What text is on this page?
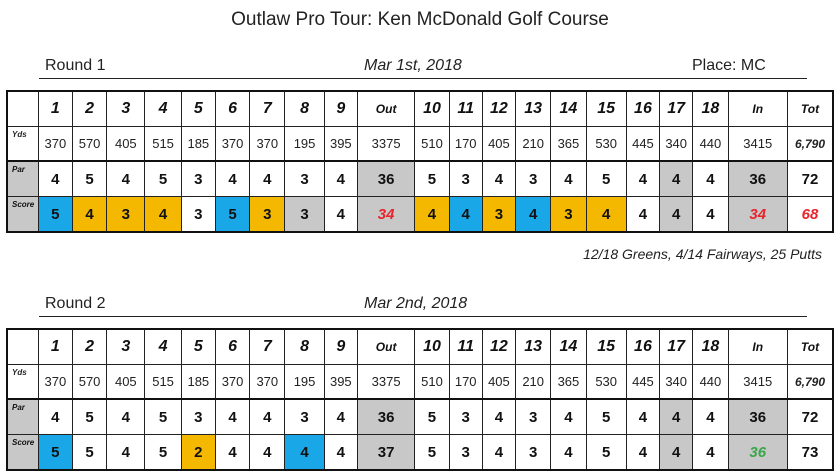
Outlaw Pro Tour: Ken McDonald Golf Course
Round 1	Mar 1st, 2018	Place: MC
	1	2	3	4	5	6	7	8	9	Out	10	11	12	13	14	15	16	17	18	In	Tot
Yds	370	570	405	515	185	370	370	195	395	3375	510	170	405	210	365	530	445	340	440	3415	6,790
Par	4	5	4	5	3	4	4	3	4	36	5	3	4	3	4	5	4	4	4	36	72
Score	5	4	3	4	3	5	3	3	4	34	4	4	3	4	3	4	4	4	4	34	68
12/18 Greens, 4/14 Fairways, 25 Putts
Round 2	Mar 2nd, 2018
	1	2	3	4	5	6	7	8	9	Out	10	11	12	13	14	15	16	17	18	In	Tot
Yds	370	570	405	515	185	370	370	195	395	3375	510	170	405	210	365	530	445	340	440	3415	6,790
Par	4	5	4	5	3	4	4	3	4	36	5	3	4	3	4	5	4	4	4	36	72
Score	5	5	4	5	2	4	4	4	4	37	5	3	4	3	4	5	4	4	4	36	73
